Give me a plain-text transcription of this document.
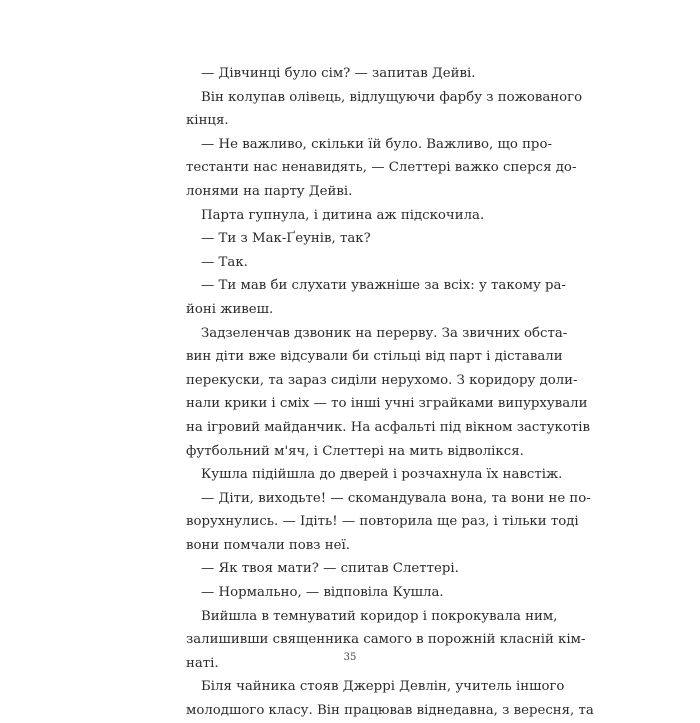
— Дівчинці було сім? — запитав Дейві.
Він колупав олівець, відлущуючи фарбу з пожованого
кінця.
— Не важливо, скільки їй було. Важливо, що про-
тестанти нас ненавидять, — Слеттері важко сперся до-
лонями на парту Дейві.
Парта гупнула, і дитина аж підскочила.
— Ти з Мак-Ґеунів, так?
— Так.
— Ти мав би слухати уважніше за всіх: у такому ра-
йоні живеш.
Задзеленчав дзвоник на перерву. За звичних обста-
вин діти вже відсували би стільці від парт і діставали
перекуски, та зараз сиділи нерухомо. З коридору доли-
нали крики і сміх — то інші учні зграйками випурхували
на ігровий майданчик. На асфальті під вікном застукотів
футбольний м'яч, і Слеттері на мить відволікся.
Кушла підійшла до дверей і розчахнула їх навстіж.
— Діти, виходьте! — скомандувала вона, та вони не по-
ворухнулись. — Ідіть! — повторила ще раз, і тільки тоді
вони помчали повз неї.
— Як твоя мати? — спитав Слеттері.
— Нормально, — відповіла Кушла.
Вийшла в темнуватий коридор і покрокувала ним,
залишивши священника самого в порожній класній кім-
наті.
Біля чайника стояв Джеррі Девлін, учитель іншого
молодшого класу. Він працював віднедавна, з вересня, та
35
